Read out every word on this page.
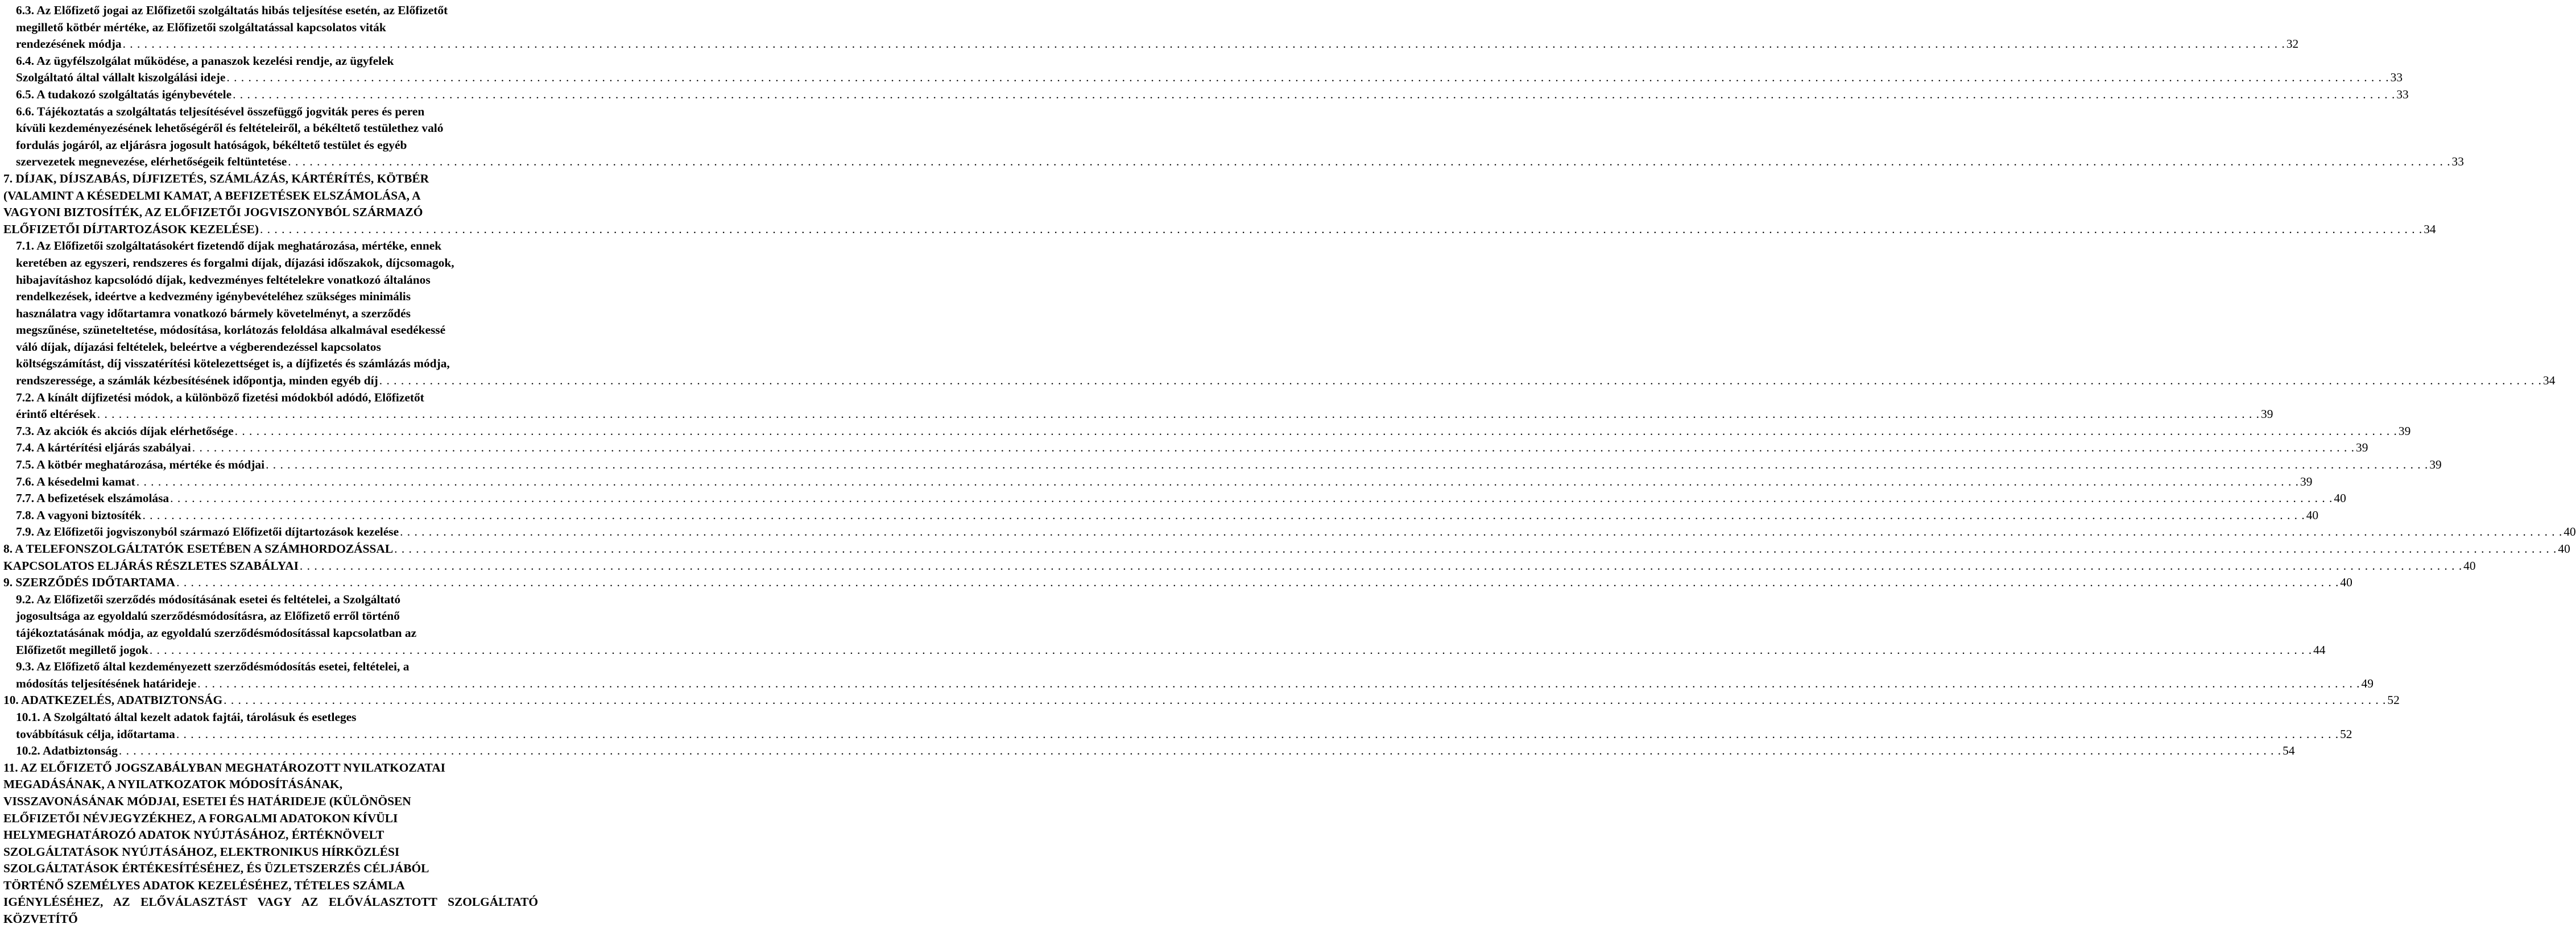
6.3. Az Előfizető jogai az Előfizetői szolgáltatás hibás teljesítése esetén, az Előfizetőt
megillető kötbér mértéke, az Előfizetői szolgáltatással kapcsolatos viták
rendezésének módja . . . . . . . . . . . . . . . . . . . . . . . . . . . . . . . . . . . . . . . . . . . . . . . . . . . . . . . . . . . . . . . . . . . . . . . . . . . . . . . . . . . . . . . . . . . . . . . . . . . . . . . . . . . . . . . . . . . . . . . . . . . . . . . . . . . . . . . . . . . . . . . . . . . . . . . . . . . . . . . . . . . . . . . . . . . . . . . . . . . . . . . . . . . . . . . . . . . . . . . . . . . . . . . . . . . . . . . . . . . . . . . . . . . . . . . . . . . . . . . . . . . . . . . . . . . . . . . . . . . . . . . . . . . . . . . . . . . . . . . . . . . . . . . . . . . . . . . . . . . . 32
6.4. Az ügyfélszolgálat működése, a panaszok kezelési rendje, az ügyfelek
Szolgáltató által vállalt kiszolgálási ideje . . . . . . . . . . . . . . . . . . . . . . . . . . . . . . . . . . . . . . . . . . . . . . . . . . . . . . . . . . . . . . . . . . . . . . . . . . . . . . . . . . . . . . . . . . . . . . . . . . . . . . . . . . . . . . . . . . . . . . . . . . . . . . . . . . . . . . . . . . . . . . . . . . . . . . . . . . . . . . . . . . . . . . . . . . . . . . . . . . . . . . . . . . . . . . . . . . . . . . . . . . . . . . . . . . . . . . . . . . . . . . . . . . . . . . . . . . . . . . . . . . . . . . . . . . . . . . . . . . . . . . . . . . . . . . . . . . . . . . . . . . . . . . . . . . . . . . . . . . . . 33
6.5. A tudakozó szolgáltatás igénybevétele . . . . . . . . . . . . . . . . . . . . . . . . . . . . . . . . . . . . . . . . . . . . . . . . . . . . . . . . . . . . . . . . . . . . . . . . . . . . . . . . . . . . . . . . . . . . . . . . . . . . . . . . . . . . . . . . . . . . . . . . . . . . . . . . . . . . . . . . . . . . . . . . . . . . . . . . . . . . . . . . . . . . . . . . . . . . . . . . . . . . . . . . . . . . . . . . . . . . . . . . . . . . . . . . . . . . . . . . . . . . . . . . . . . . . . . . . . . . . . . . . . . . . . . . . . . . . . . . . . . . . . . . . . . . . . . . . . . . . . . . . . . . . . . . . . . . . . . . . . . . 33
6.6. Tájékoztatás a szolgáltatás teljesítésével összefüggő jogviták peres és peren
kívüli kezdeményezésének lehetőségéről és feltételeiről, a békéltető testülethez való
fordulás jogáról, az eljárásra jogosult hatóságok, békéltető testület és egyéb
szervezetek megnevezése, elérhetőségeik feltüntetése . . . . . . . . . . . . . . . . . . . . . . . . . . . . . . . . . . . . . . . . . . . . . . . . . . . . . . . . . . . . . . . . . . . . . . . . . . . . . . . . . . . . . . . . . . . . . . . . . . . . . . . . . . . . . . . . . . . . . . . . . . . . . . . . . . . . . . . . . . . . . . . . . . . . . . . . . . . . . . . . . . . . . . . . . . . . . . . . . . . . . . . . . . . . . . . . . . . . . . . . . . . . . . . . . . . . . . . . . . . . . . . . . . . . . . . . . . . . . . . . . . . . . . . . . . . . . . . . . . . . . . . . . . . . . . . . . . . . . . . . . . . . . . . . . . . . . . . . . . . . 33
7. DÍJAK, DÍJSZABÁS, DÍJFIZETÉS, SZÁMLÁZÁS, KÁRTÉRÍTÉS, KÖTBÉR
(VALAMINT A KÉSEDELMI KAMAT, A BEFIZETÉSEK ELSZÁMOLÁSA, A
VAGYONI BIZTOSÍTÉK, AZ ELŐFIZETŐI JOGVISZONYBÓL SZÁRMAZÓ
ELŐFIZETŐI DÍJTARTOZÁSOK KEZELÉSE) . . . . . . . . . . . . . . . . . . . . . . . . . . . . . . . . . . . . . . . . . . . . . . . . . . . . . . . . . . . . . . . . . . . . . . . . . . . . . . . . . . . . . . . . . . . . . . . . . . . . . . . . . . . . . . . . . . . . . . . . . . . . . . . . . . . . . . . . . . . . . . . . . . . . . . . . . . . . . . . . . . . . . . . . . . . . . . . . . . . . . . . . . . . . . . . . . . . . . . . . . . . . . . . . . . . . . . . . . . . . . . . . . . . . . . . . . . . . . . . . . . . . . . . . . . . . . . . . . . . . . . . . . . . . . . . . . . . . . . . . . . . . . . . . . . . . . . . . . . . . 34
7.1. Az Előfizetői szolgáltatásokért fizetendő díjak meghatározása, mértéke, ennek
keretében az egyszeri, rendszeres és forgalmi díjak, díjazási időszakok, díjcsomagok,
hibajavításhoz kapcsolódó díjak, kedvezményes feltételekre vonatkozó általános
rendelkezések, ideértve a kedvezmény igénybevételéhez szükséges minimális
használatra vagy időtartamra vonatkozó bármely követelményt, a szerződés
megszűnése, szüneteltetése, módosítása, korlátozás feloldása alkalmával esedékessé
váló díjak, díjazási feltételek, beleértve a végberendezéssel kapcsolatos
költségszámítást, díj visszatérítési kötelezettséget is, a díjfizetés és számlázás módja,
rendszeressége, a számlák kézbesítésének időpontja, minden egyéb díj . . . . . . . . . . . . . . . . . . . . . . . . . . . . . . . . . . . . . . . . . . . . . . . . . . . . . . . . . . . . . . . . . . . . . . . . . . . . . . . . . . . . . . . . . . . . . . . . . . . . . . . . . . . . . . . . . . . . . . . . . . . . . . . . . . . . . . . . . . . . . . . . . . . . . . . . . . . . . . . . . . . . . . . . . . . . . . . . . . . . . . . . . . . . . . . . . . . . . . . . . . . . . . . . . . . . . . . . . . . . . . . . . . . . . . . . . . . . . . . . . . . . . . . . . . . . . . . . . . . . . . . . . . . . . . . . . . . . . . . . . . . . . . . . . . . . . . . . . . . . 34
7.2. A kínált díjfizetési módok, a különböző fizetési módokból adódó, Előfizetőt
érintő eltérések . . . . . . . . . . . . . . . . . . . . . . . . . . . . . . . . . . . . . . . . . . . . . . . . . . . . . . . . . . . . . . . . . . . . . . . . . . . . . . . . . . . . . . . . . . . . . . . . . . . . . . . . . . . . . . . . . . . . . . . . . . . . . . . . . . . . . . . . . . . . . . . . . . . . . . . . . . . . . . . . . . . . . . . . . . . . . . . . . . . . . . . . . . . . . . . . . . . . . . . . . . . . . . . . . . . . . . . . . . . . . . . . . . . . . . . . . . . . . . . . . . . . . . . . . . . . . . . . . . . . . . . . . . . . . . . . . . . . . . . . . . . . . . . . . . . . . . . . . . . . 39
7.3. Az akciók és akciós díjak elérhetősége . . . . . . . . . . . . . . . . . . . . . . . . . . . . . . . . . . . . . . . . . . . . . . . . . . . . . . . . . . . . . . . . . . . . . . . . . . . . . . . . . . . . . . . . . . . . . . . . . . . . . . . . . . . . . . . . . . . . . . . . . . . . . . . . . . . . . . . . . . . . . . . . . . . . . . . . . . . . . . . . . . . . . . . . . . . . . . . . . . . . . . . . . . . . . . . . . . . . . . . . . . . . . . . . . . . . . . . . . . . . . . . . . . . . . . . . . . . . . . . . . . . . . . . . . . . . . . . . . . . . . . . . . . . . . . . . . . . . . . . . . . . . . . . . . . . . . . . . . . . . 39
7.4. A kártérítési eljárás szabályai . . . . . . . . . . . . . . . . . . . . . . . . . . . . . . . . . . . . . . . . . . . . . . . . . . . . . . . . . . . . . . . . . . . . . . . . . . . . . . . . . . . . . . . . . . . . . . . . . . . . . . . . . . . . . . . . . . . . . . . . . . . . . . . . . . . . . . . . . . . . . . . . . . . . . . . . . . . . . . . . . . . . . . . . . . . . . . . . . . . . . . . . . . . . . . . . . . . . . . . . . . . . . . . . . . . . . . . . . . . . . . . . . . . . . . . . . . . . . . . . . . . . . . . . . . . . . . . . . . . . . . . . . . . . . . . . . . . . . . . . . . . . . . . . . . . . . . . . . . . . 39
7.5. A kötbér meghatározása, mértéke és módjai . . . . . . . . . . . . . . . . . . . . . . . . . . . . . . . . . . . . . . . . . . . . . . . . . . . . . . . . . . . . . . . . . . . . . . . . . . . . . . . . . . . . . . . . . . . . . . . . . . . . . . . . . . . . . . . . . . . . . . . . . . . . . . . . . . . . . . . . . . . . . . . . . . . . . . . . . . . . . . . . . . . . . . . . . . . . . . . . . . . . . . . . . . . . . . . . . . . . . . . . . . . . . . . . . . . . . . . . . . . . . . . . . . . . . . . . . . . . . . . . . . . . . . . . . . . . . . . . . . . . . . . . . . . . . . . . . . . . . . . . . . . . . . . . . . . . . . . . . . . . 39
7.6. A késedelmi kamat . . . . . . . . . . . . . . . . . . . . . . . . . . . . . . . . . . . . . . . . . . . . . . . . . . . . . . . . . . . . . . . . . . . . . . . . . . . . . . . . . . . . . . . . . . . . . . . . . . . . . . . . . . . . . . . . . . . . . . . . . . . . . . . . . . . . . . . . . . . . . . . . . . . . . . . . . . . . . . . . . . . . . . . . . . . . . . . . . . . . . . . . . . . . . . . . . . . . . . . . . . . . . . . . . . . . . . . . . . . . . . . . . . . . . . . . . . . . . . . . . . . . . . . . . . . . . . . . . . . . . . . . . . . . . . . . . . . . . . . . . . . . . . . . . . . . . . . . . . . . 39
7.7. A befizetések elszámolása . . . . . . . . . . . . . . . . . . . . . . . . . . . . . . . . . . . . . . . . . . . . . . . . . . . . . . . . . . . . . . . . . . . . . . . . . . . . . . . . . . . . . . . . . . . . . . . . . . . . . . . . . . . . . . . . . . . . . . . . . . . . . . . . . . . . . . . . . . . . . . . . . . . . . . . . . . . . . . . . . . . . . . . . . . . . . . . . . . . . . . . . . . . . . . . . . . . . . . . . . . . . . . . . . . . . . . . . . . . . . . . . . . . . . . . . . . . . . . . . . . . . . . . . . . . . . . . . . . . . . . . . . . . . . . . . . . . . . . . . . . . . . . . . . . . . . . . . . . . . 40
7.8. A vagyoni biztosíték . . . . . . . . . . . . . . . . . . . . . . . . . . . . . . . . . . . . . . . . . . . . . . . . . . . . . . . . . . . . . . . . . . . . . . . . . . . . . . . . . . . . . . . . . . . . . . . . . . . . . . . . . . . . . . . . . . . . . . . . . . . . . . . . . . . . . . . . . . . . . . . . . . . . . . . . . . . . . . . . . . . . . . . . . . . . . . . . . . . . . . . . . . . . . . . . . . . . . . . . . . . . . . . . . . . . . . . . . . . . . . . . . . . . . . . . . . . . . . . . . . . . . . . . . . . . . . . . . . . . . . . . . . . . . . . . . . . . . . . . . . . . . . . . . . . . . . . . . . . . 40
7.9. Az Előfizetői jogviszonyból származó Előfizetői díjtartozások kezelése . . . . . . . . . . . . . . . . . . . . . . . . . . . . . . . . . . . . . . . . . . . . . . . . . . . . . . . . . . . . . . . . . . . . . . . . . . . . . . . . . . . . . . . . . . . . . . . . . . . . . . . . . . . . . . . . . . . . . . . . . . . . . . . . . . . . . . . . . . . . . . . . . . . . . . . . . . . . . . . . . . . . . . . . . . . . . . . . . . . . . . . . . . . . . . . . . . . . . . . . . . . . . . . . . . . . . . . . . . . . . . . . . . . . . . . . . . . . . . . . . . . . . . . . . . . . . . . . . . . . . . . . . . . . . . . . . . . . . . . . . . . . . . . . . . . . . . . . . . . . 40
8. A TELEFONSZOLGÁLTATÓK ESETÉBEN A SZÁMHORDOZÁSSAL . . . . . . . . . . . . . . . . . . . . . . . . . . . . . . . . . . . . . . . . . . . . . . . . . . . . . . . . . . . . . . . . . . . . . . . . . . . . . . . . . . . . . . . . . . . . . . . . . . . . . . . . . . . . . . . . . . . . . . . . . . . . . . . . . . . . . . . . . . . . . . . . . . . . . . . . . . . . . . . . . . . . . . . . . . . . . . . . . . . . . . . . . . . . . . . . . . . . . . . . . . . . . . . . . . . . . . . . . . . . . . . . . . . . . . . . . . . . . . . . . . . . . . . . . . . . . . . . . . . . . . . . . . . . . . . . . . . . . . . . . . . . . . . . . . . . . . . . . . . . 40
KAPCSOLATOS ELJÁRÁS RÉSZLETES SZABÁLYAI . . . . . . . . . . . . . . . . . . . . . . . . . . . . . . . . . . . . . . . . . . . . . . . . . . . . . . . . . . . . . . . . . . . . . . . . . . . . . . . . . . . . . . . . . . . . . . . . . . . . . . . . . . . . . . . . . . . . . . . . . . . . . . . . . . . . . . . . . . . . . . . . . . . . . . . . . . . . . . . . . . . . . . . . . . . . . . . . . . . . . . . . . . . . . . . . . . . . . . . . . . . . . . . . . . . . . . . . . . . . . . . . . . . . . . . . . . . . . . . . . . . . . . . . . . . . . . . . . . . . . . . . . . . . . . . . . . . . . . . . . . . . . . . . . . . . . . . . . . . . 40
9. SZERZŐDÉS IDŐTARTAMA . . . . . . . . . . . . . . . . . . . . . . . . . . . . . . . . . . . . . . . . . . . . . . . . . . . . . . . . . . . . . . . . . . . . . . . . . . . . . . . . . . . . . . . . . . . . . . . . . . . . . . . . . . . . . . . . . . . . . . . . . . . . . . . . . . . . . . . . . . . . . . . . . . . . . . . . . . . . . . . . . . . . . . . . . . . . . . . . . . . . . . . . . . . . . . . . . . . . . . . . . . . . . . . . . . . . . . . . . . . . . . . . . . . . . . . . . . . . . . . . . . . . . . . . . . . . . . . . . . . . . . . . . . . . . . . . . . . . . . . . . . . . . . . . . . . . . . . . . . . . 40
9.2. Az Előfizetői szerződés módosításának esetei és feltételei, a Szolgáltató
jogosultsága az egyoldalú szerződésmódosításra, az Előfizető erről történő
tájékoztatásának módja, az egyoldalú szerződésmódosítással kapcsolatban az
Előfizetőt megillető jogok . . . . . . . . . . . . . . . . . . . . . . . . . . . . . . . . . . . . . . . . . . . . . . . . . . . . . . . . . . . . . . . . . . . . . . . . . . . . . . . . . . . . . . . . . . . . . . . . . . . . . . . . . . . . . . . . . . . . . . . . . . . . . . . . . . . . . . . . . . . . . . . . . . . . . . . . . . . . . . . . . . . . . . . . . . . . . . . . . . . . . . . . . . . . . . . . . . . . . . . . . . . . . . . . . . . . . . . . . . . . . . . . . . . . . . . . . . . . . . . . . . . . . . . . . . . . . . . . . . . . . . . . . . . . . . . . . . . . . . . . . . . . . . . . . . . . . . . . . . . . 44
9.3. Az Előfizető által kezdeményezett szerződésmódosítás esetei, feltételei, a
módosítás teljesítésének határideje . . . . . . . . . . . . . . . . . . . . . . . . . . . . . . . . . . . . . . . . . . . . . . . . . . . . . . . . . . . . . . . . . . . . . . . . . . . . . . . . . . . . . . . . . . . . . . . . . . . . . . . . . . . . . . . . . . . . . . . . . . . . . . . . . . . . . . . . . . . . . . . . . . . . . . . . . . . . . . . . . . . . . . . . . . . . . . . . . . . . . . . . . . . . . . . . . . . . . . . . . . . . . . . . . . . . . . . . . . . . . . . . . . . . . . . . . . . . . . . . . . . . . . . . . . . . . . . . . . . . . . . . . . . . . . . . . . . . . . . . . . . . . . . . . . . . . . . . . . . . 49
10. ADATKEZELÉS, ADATBIZTONSÁG . . . . . . . . . . . . . . . . . . . . . . . . . . . . . . . . . . . . . . . . . . . . . . . . . . . . . . . . . . . . . . . . . . . . . . . . . . . . . . . . . . . . . . . . . . . . . . . . . . . . . . . . . . . . . . . . . . . . . . . . . . . . . . . . . . . . . . . . . . . . . . . . . . . . . . . . . . . . . . . . . . . . . . . . . . . . . . . . . . . . . . . . . . . . . . . . . . . . . . . . . . . . . . . . . . . . . . . . . . . . . . . . . . . . . . . . . . . . . . . . . . . . . . . . . . . . . . . . . . . . . . . . . . . . . . . . . . . . . . . . . . . . . . . . . . . . . . . . . . . . 52
10.1. A Szolgáltató által kezelt adatok fajtái, tárolásuk és esetleges
továbbításuk célja, időtartama . . . . . . . . . . . . . . . . . . . . . . . . . . . . . . . . . . . . . . . . . . . . . . . . . . . . . . . . . . . . . . . . . . . . . . . . . . . . . . . . . . . . . . . . . . . . . . . . . . . . . . . . . . . . . . . . . . . . . . . . . . . . . . . . . . . . . . . . . . . . . . . . . . . . . . . . . . . . . . . . . . . . . . . . . . . . . . . . . . . . . . . . . . . . . . . . . . . . . . . . . . . . . . . . . . . . . . . . . . . . . . . . . . . . . . . . . . . . . . . . . . . . . . . . . . . . . . . . . . . . . . . . . . . . . . . . . . . . . . . . . . . . . . . . . . . . . . . . . . . . 52
10.2. Adatbiztonság . . . . . . . . . . . . . . . . . . . . . . . . . . . . . . . . . . . . . . . . . . . . . . . . . . . . . . . . . . . . . . . . . . . . . . . . . . . . . . . . . . . . . . . . . . . . . . . . . . . . . . . . . . . . . . . . . . . . . . . . . . . . . . . . . . . . . . . . . . . . . . . . . . . . . . . . . . . . . . . . . . . . . . . . . . . . . . . . . . . . . . . . . . . . . . . . . . . . . . . . . . . . . . . . . . . . . . . . . . . . . . . . . . . . . . . . . . . . . . . . . . . . . . . . . . . . . . . . . . . . . . . . . . . . . . . . . . . . . . . . . . . . . . . . . . . . . . . . . . . . 54
11. AZ ELŐFIZETŐ JOGSZABÁLYBAN MEGHATÁROZOTT NYILATKOZATAI
MEGADÁSÁNAK, A NYILATKOZATOK MÓDOSÍTÁSÁNAK,
VISSZAVONÁSÁNAK MÓDJAI, ESETEI ÉS HATÁRIDEJE (KÜLÖNÖSEN
ELŐFIZETŐI NÉVJEGYZÉKHEZ, A FORGALMI ADATOKON KÍVÜLI
HELYMEGHATÁROZÓ ADATOK NYÚJTÁSÁHOZ, ÉRTÉKNÖVELT
SZOLGÁLTATÁSOK NYÚJTÁSÁHOZ, ELEKTRONIKUS HÍRKÖZLÉSI
SZOLGÁLTATÁSOK ÉRTÉKESÍTÉSÉHEZ, ÉS ÜZLETSZERZÉS CÉLJÁBÓL
TÖRTÉNŐ SZEMÉLYES ADATOK KEZELÉSÉHEZ, TÉTELES SZÁMLA
IGÉNYLÉSÉHEZ, AZ ELŐVÁLASZTÁST VAGY AZ ELŐVÁLASZTOTT SZOLGÁLTATÓ KÖZVETÍTŐ
